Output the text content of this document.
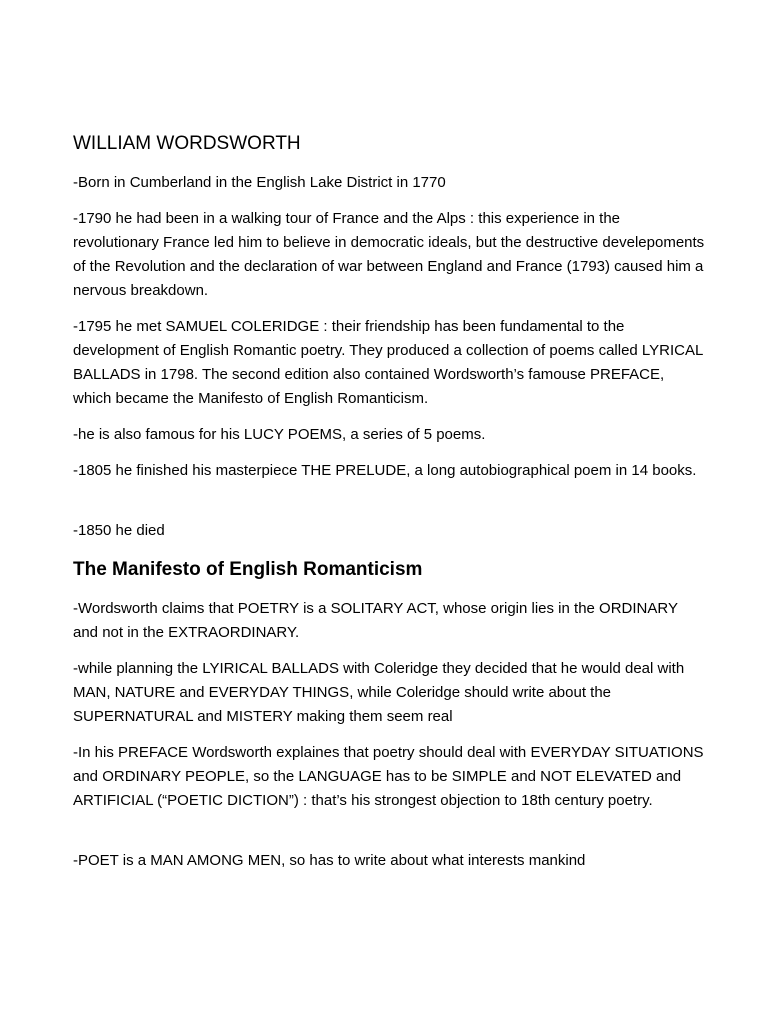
WILLIAM WORDSWORTH

-Born in Cumberland in the English Lake District in 1770

-1790 he had been in a walking tour of France and the Alps : this experience in the revolutionary France led him to believe in democratic ideals, but the destructive develepoments of the Revolution and the declaration of war between England and France (1793) caused him a nervous breakdown.

-1795 he met SAMUEL COLERIDGE : their friendship has been fundamental to the development of English Romantic poetry. They produced a collection of poems called LYRICAL BALLADS in 1798. The second edition also contained Wordsworth’s famouse PREFACE, which became the Manifesto of English Romanticism.

-he is also famous for his LUCY POEMS, a series of 5 poems.

-1805 he finished his masterpiece THE PRELUDE, a long autobiographical poem in 14 books.

-1850 he died

The Manifesto of English Romanticism

-Wordsworth claims that POETRY is a SOLITARY ACT, whose origin lies in the ORDINARY and not in the EXTRAORDINARY.

-while planning the LYIRICAL BALLADS with Coleridge they decided that he would deal with MAN, NATURE and EVERYDAY THINGS, while Coleridge should write about the SUPERNATURAL and MISTERY making them seem real

-In his PREFACE Wordsworth explaines that poetry should deal with EVERYDAY SITUATIONS and ORDINARY PEOPLE, so the LANGUAGE has to be SIMPLE and NOT ELEVATED and ARTIFICIAL (“POETIC DICTION”) : that’s his strongest objection to 18th century poetry.

-POET is a MAN AMONG MEN, so has to write about what interests mankind
